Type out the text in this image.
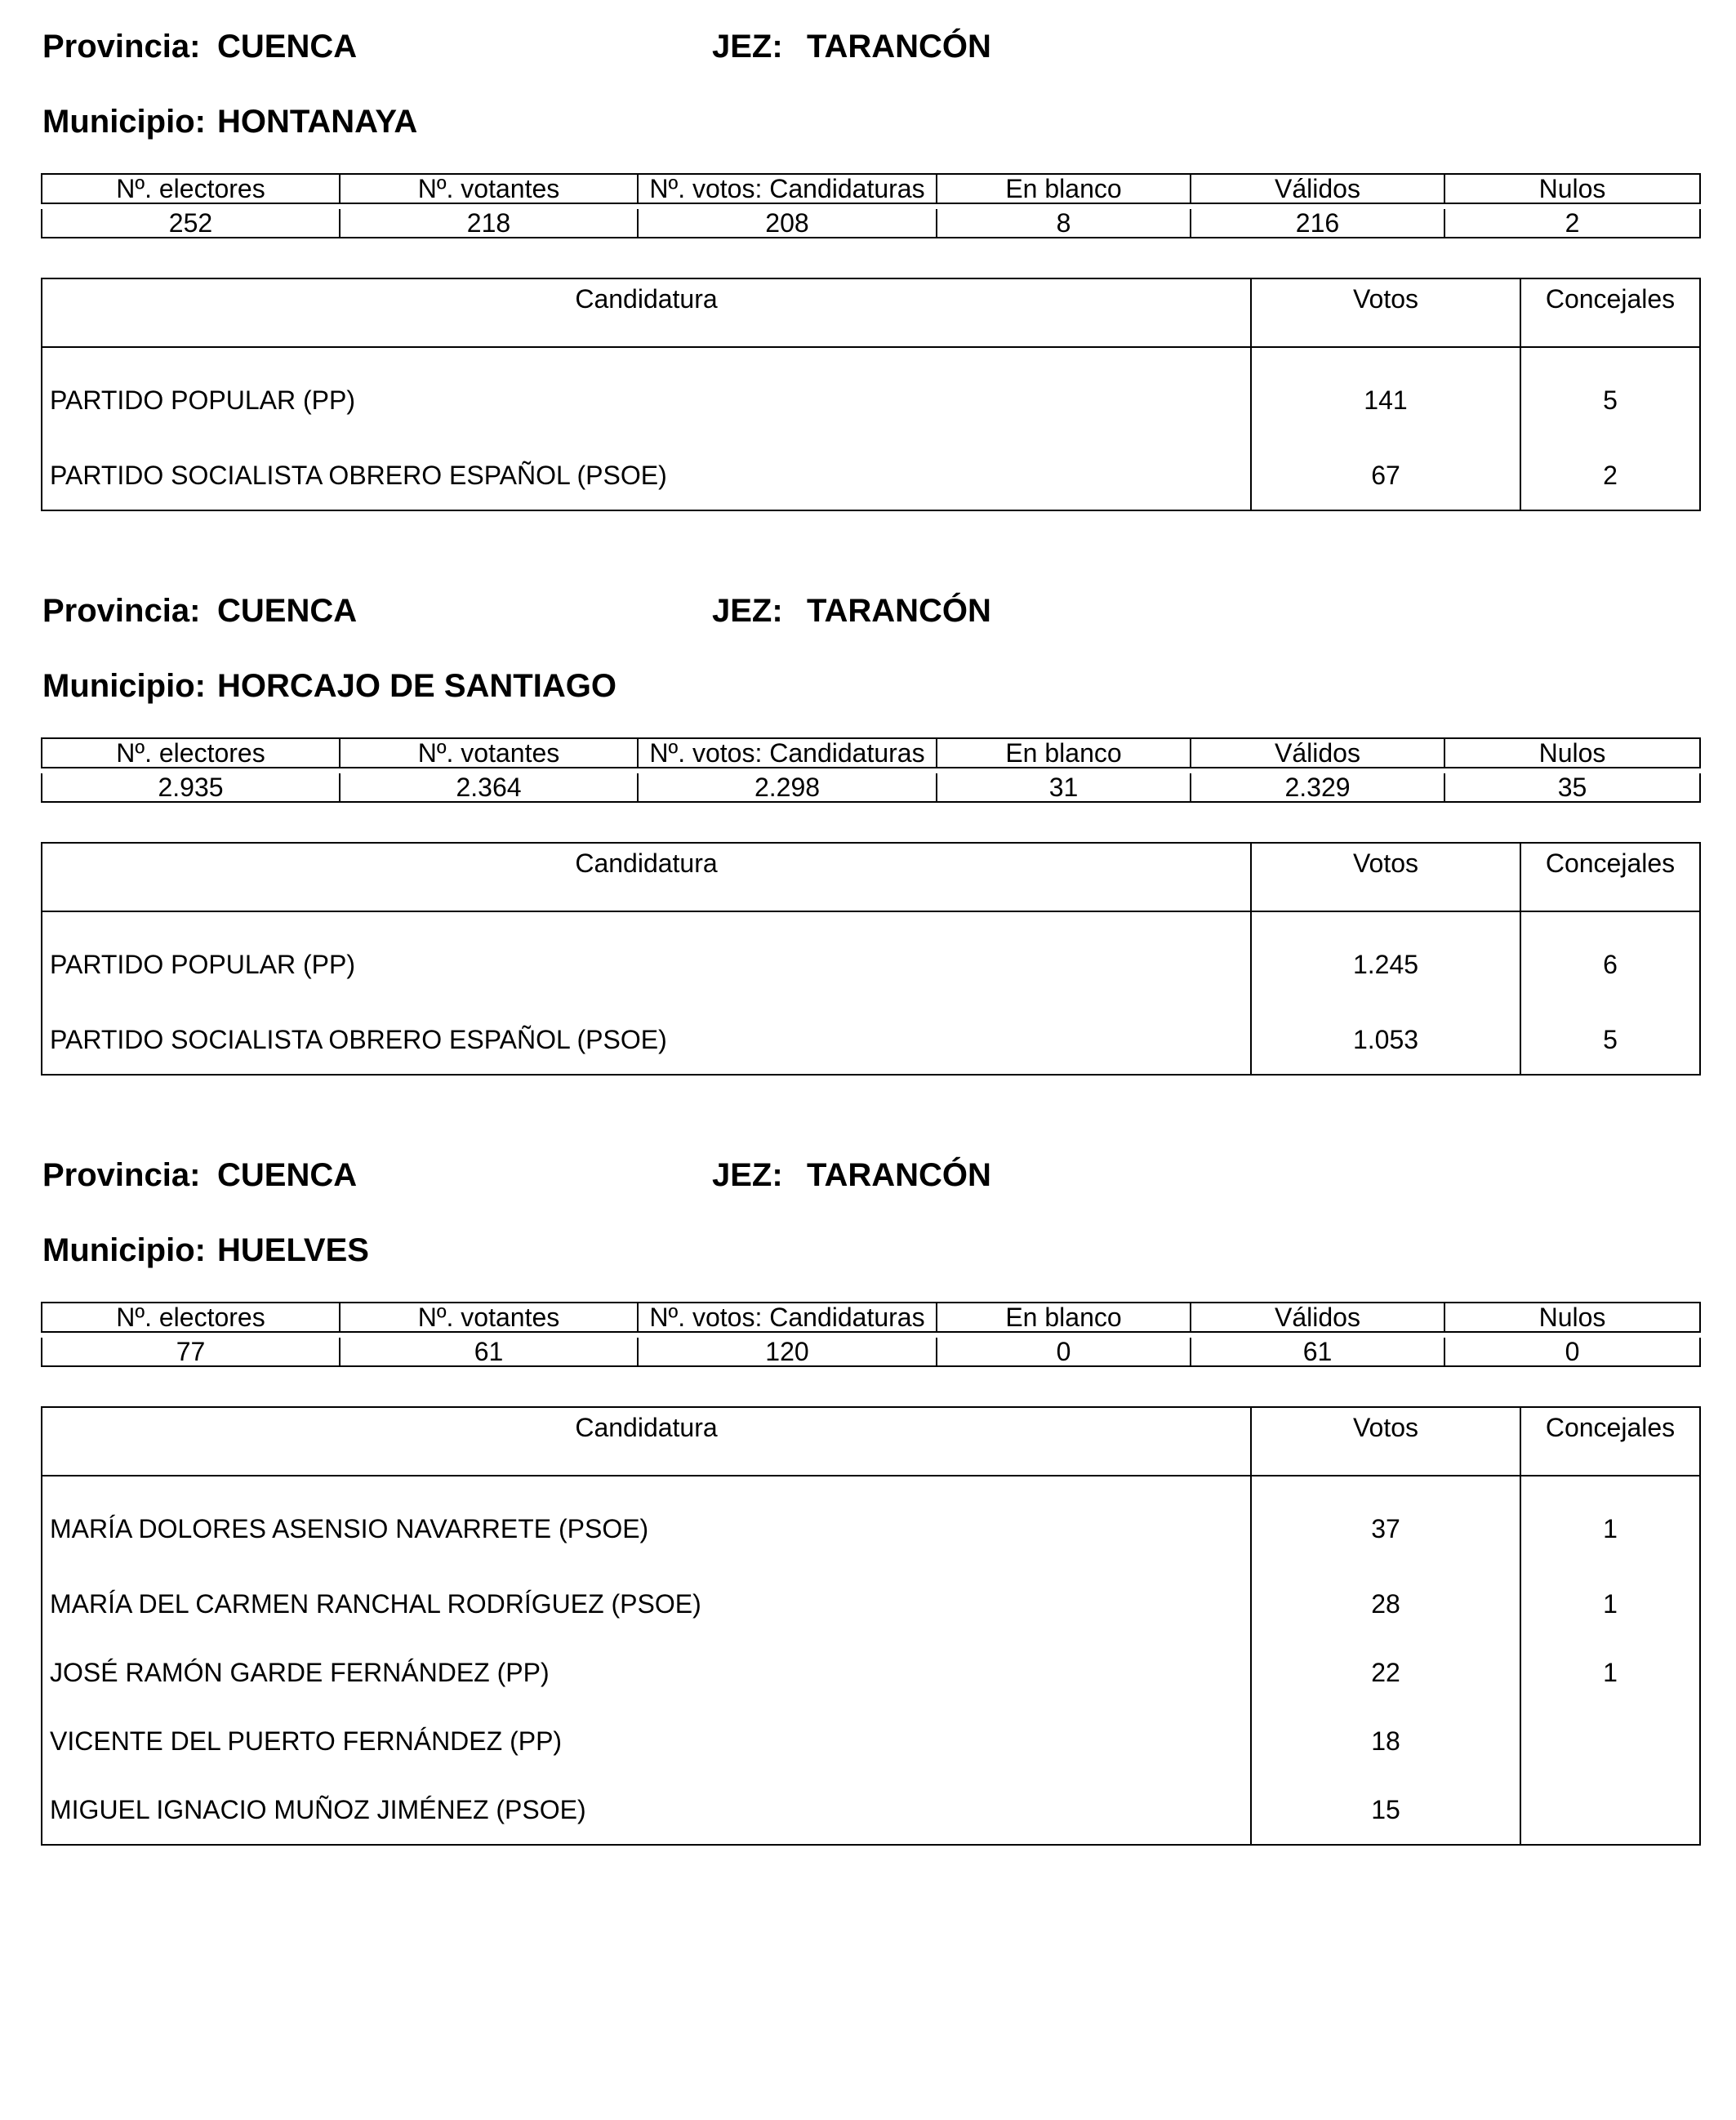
Provincia: CUENCA	JEZ: TARANCÓN
Municipio: HONTANAYA
Nº. electores	Nº. votantes	Nº. votos: Candidaturas	En blanco	Válidos	Nulos

252	218	208	8	216	2
Candidatura	Votos	Concejales
PARTIDO POPULAR (PP)	141	5
PARTIDO SOCIALISTA OBRERO ESPAÑOL (PSOE)	67	2
Provincia: CUENCA	JEZ: TARANCÓN
Municipio: HORCAJO DE SANTIAGO
Nº. electores	Nº. votantes	Nº. votos: Candidaturas	En blanco	Válidos	Nulos

2.935	2.364	2.298	31	2.329	35
Candidatura	Votos	Concejales
PARTIDO POPULAR (PP)	1.245	6
PARTIDO SOCIALISTA OBRERO ESPAÑOL (PSOE)	1.053	5
Provincia: CUENCA	JEZ: TARANCÓN
Municipio: HUELVES
Nº. electores	Nº. votantes	Nº. votos: Candidaturas	En blanco	Válidos	Nulos

77	61	120	0	61	0
Candidatura	Votos	Concejales
MARÍA DOLORES ASENSIO NAVARRETE (PSOE)	37	1
MARÍA DEL CARMEN RANCHAL RODRÍGUEZ (PSOE)	28	1
JOSÉ RAMÓN GARDE FERNÁNDEZ (PP)	22	1
VICENTE DEL PUERTO FERNÁNDEZ (PP)	18	
MIGUEL IGNACIO MUÑOZ JIMÉNEZ (PSOE)	15	
